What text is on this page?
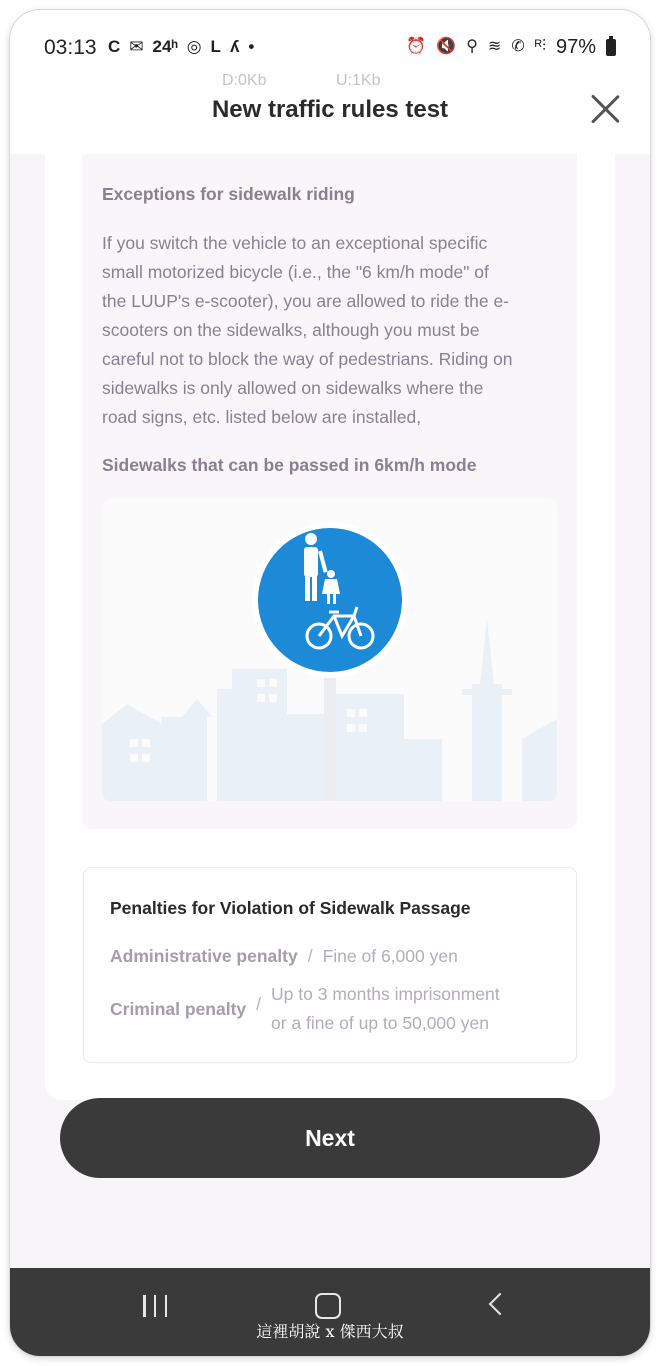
03:13 C ✉ 24ʰ ◎ L ʎ •	⏰ 🔇 ⚲ ≋ ✆ ᴿ⫶ 97%
D:0Kb	U:1Kb
New traffic rules test
Exceptions for sidewalk riding
If you switch the vehicle to an exceptional specific
small motorized bicycle (i.e., the "6 km/h mode" of
the LUUP's e-scooter), you are allowed to ride the e-
scooters on the sidewalks, although you must be
careful not to block the way of pedestrians. Riding on
sidewalks is only allowed on sidewalks where the
road signs, etc. listed below are installed,
Sidewalks that can be passed in 6km/h mode
Penalties for Violation of Sidewalk Passage
Administrative penalty / Fine of 6,000 yen
Criminal penalty / Up to 3 months imprisonment
or a fine of up to 50,000 yen
Next
這裡胡說 x 傑西大叔
